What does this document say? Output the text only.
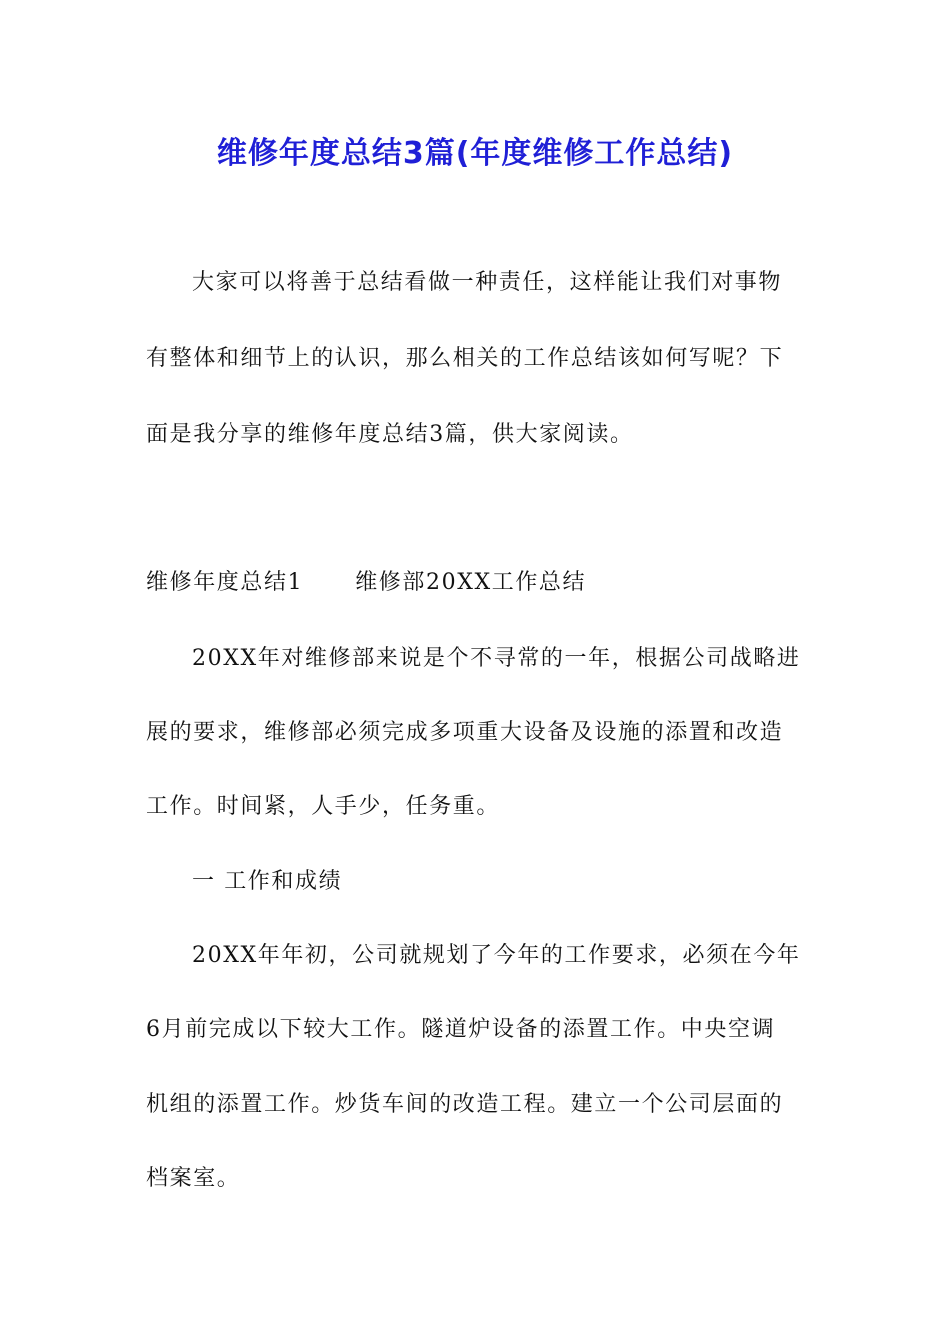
维修年度总结3篇(年度维修工作总结)
大家可以将善于总结看做一种责任，这样能让我们对事物
有整体和细节上的认识，那么相关的工作总结该如何写呢？下
面是我分享的维修年度总结3篇，供大家阅读。
维修年度总结1 维修部20XX工作总结
20XX年对维修部来说是个不寻常的一年，根据公司战略进
展的要求，维修部必须完成多项重大设备及设施的添置和改造
工作。时间紧，人手少，任务重。
一 工作和成绩
20XX年年初，公司就规划了今年的工作要求，必须在今年
6月前完成以下较大工作。隧道炉设备的添置工作。中央空调
机组的添置工作。炒货车间的改造工程。建立一个公司层面的
档案室。
